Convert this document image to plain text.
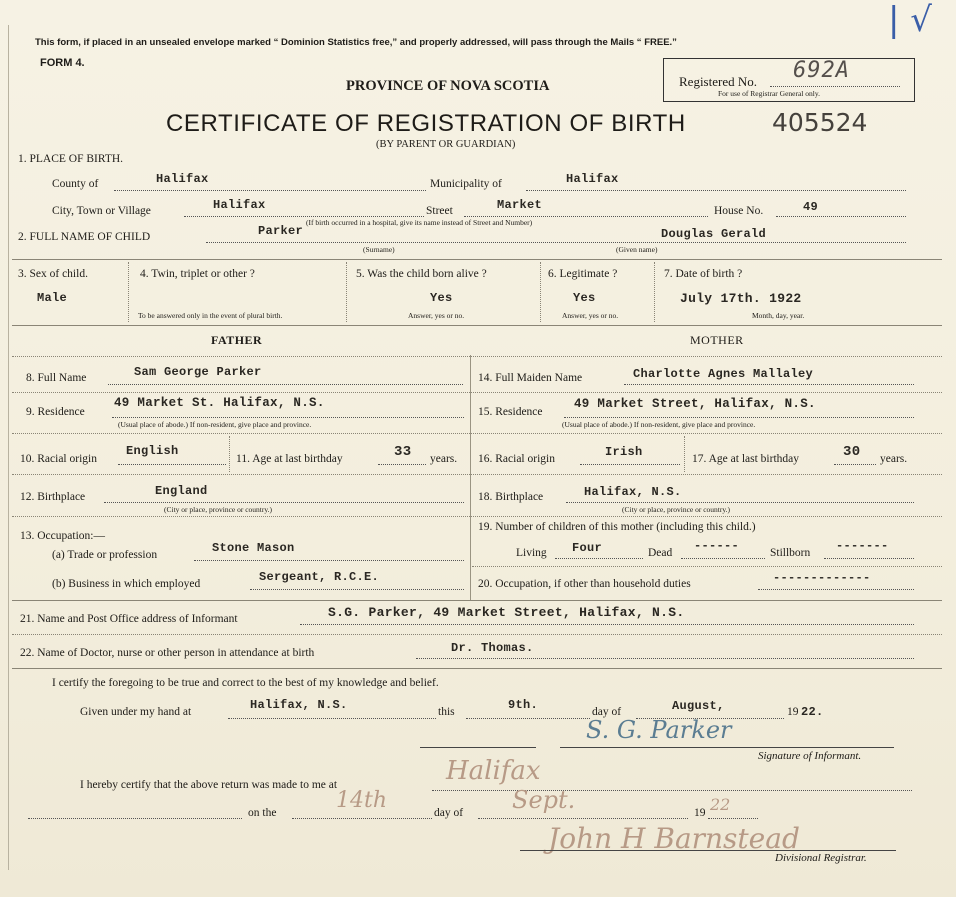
| √
This form, if placed in an unsealed envelope marked “ Dominion Statistics free,” and properly addressed, will pass through the Mails “ FREE.”
FORM 4.
PROVINCE OF NOVA SCOTIA	Registered No. 692A
For use of Registrar General only.
CERTIFICATE OF REGISTRATION OF BIRTH	405524
(BY PARENT OR GUARDIAN)
1. PLACE OF BIRTH.
County of	Halifax	Municipality of	Halifax
City, Town or Village	Halifax	Street	Market	House No.	49
(If birth occurred in a hospital, give its name instead of Street and Number)
2. FULL NAME OF CHILD	Parker	Douglas Gerald
(Surname)	(Given name)
3. Sex of child.
Male
4. Twin, triplet or other ?
To be answered only in the event of plural birth.
5. Was the child born alive ?
Yes
Answer, yes or no.
6. Legitimate ?
Yes
Answer, yes or no.
7. Date of birth ?
July 17th. 1922
Month, day, year.
FATHER	MOTHER
8. Full Name	Sam George Parker	14. Full Maiden Name	Charlotte Agnes Mallaley
9. Residence
49 Market St. Halifax, N.S.
(Usual place of abode.) If non-resident, give place and province.
15. Residence
49 Market Street, Halifax, N.S.
(Usual place of abode.) If non-resident, give place and province.
10. Racial origin
English
11. Age at last birthday	33 years. 16. Racial origin	Irish	17. Age at last birthday	30 years.
12. Birthplace	England
(City or place, province or country.)
18. Birthplace	Halifax, N.S.
(City or place, province or country.)
13. Occupation:—
(a) Trade or profession	Stone Mason
19. Number of children of this mother (including this child.)
Living Four	Dead ------	Stillborn -------
(b) Business in which employed	Sergeant, R.C.E.	20. Occupation, if other than household duties	-------------
21. Name and Post Office address of Informant	S.G. Parker, 49 Market Street, Halifax, N.S.
22. Name of Doctor, nurse or other person in attendance at birth	Dr. Thomas.
I certify the foregoing to be true and correct to the best of my knowledge and belief.
Given under my hand at	Halifax, N.S.	this	9th.	day of	August,	19 22.
S. G. Parker
Signature of Informant.
I hereby certify that the above return was made to me at	Halifax
on the	14th	day of Sept.	19 22
John H Barnstead
Divisional Registrar.
